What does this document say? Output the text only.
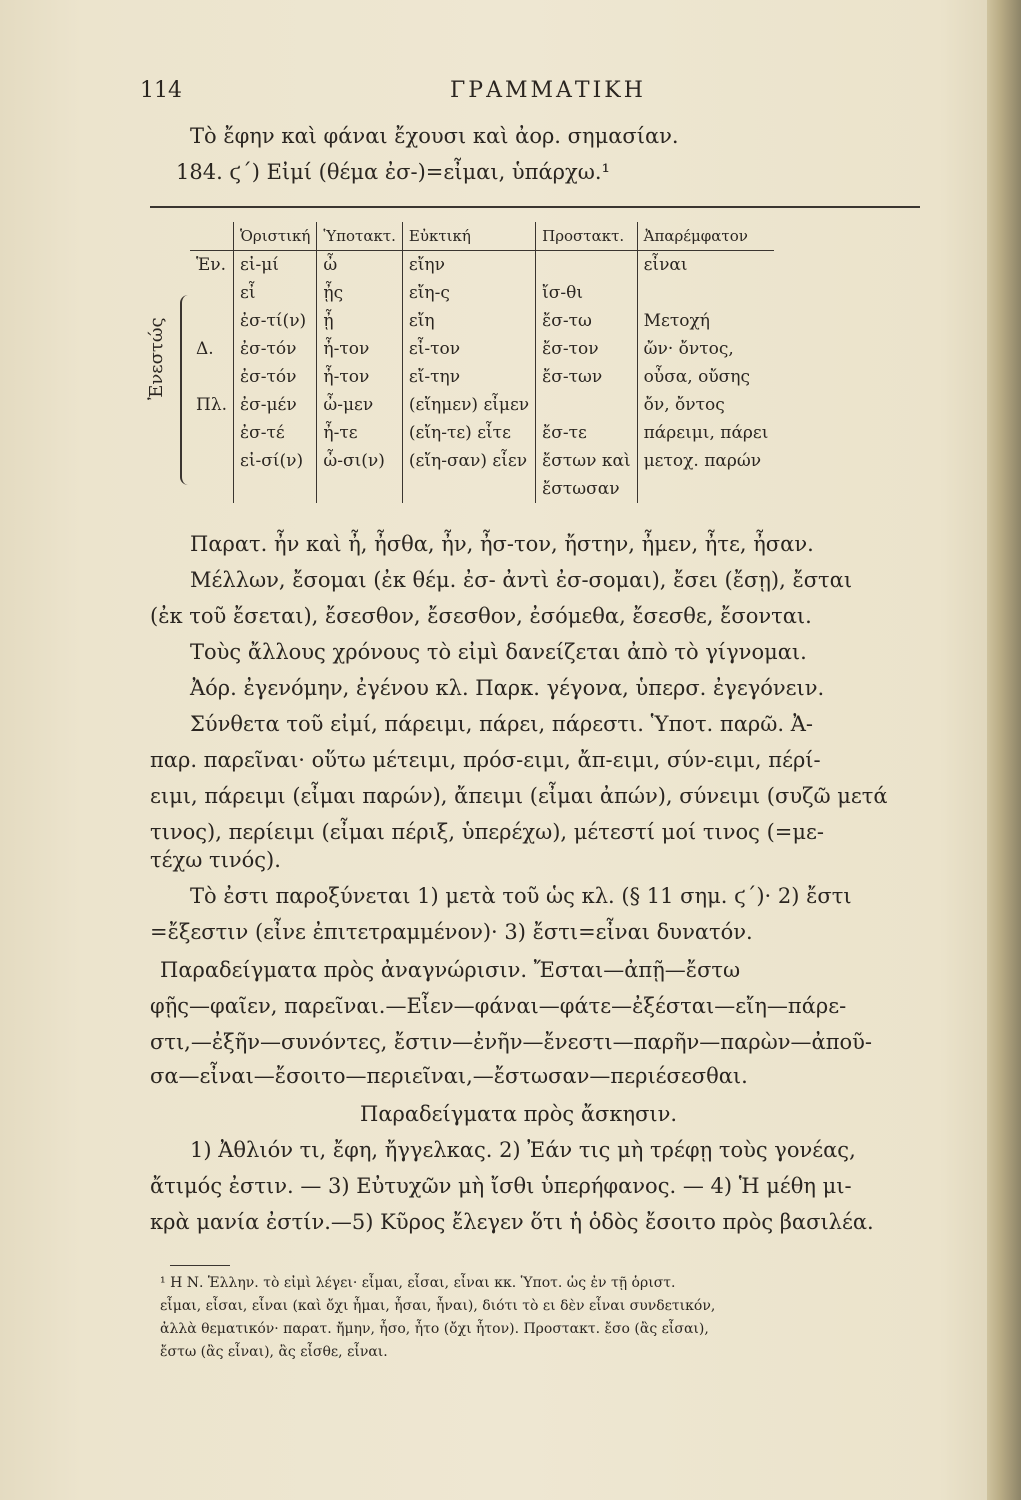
114	ΓΡΑΜΜΑΤΙΚΗ
Τὸ ἔφην καὶ φάναι ἔχουσι καὶ ἀορ. σημασίαν.
184. ϛ´) Εἰμί (θέμα ἐσ-)=εἶμαι, ὑπάρχω.¹
Ἐνεστώς
	Ὁριστική	Ὑποτακτ.	Εὐκτική	Προστακτ.	Ἀπαρέμφατον
Ἑν.	εἰ-μί	ὦ	εἴην		εἶναι
	εἶ	ᾖς	εἴη-ς	ἴσ-θι	
	ἐσ-τί(ν)	ᾖ	εἴη	ἔσ-τω	Μετοχή
Δ.	ἐσ-τόν	ἦ-τον	εἶ-τον	ἔσ-τον	ὤν· ὄντος,
	ἐσ-τόν	ἦ-τον	εἴ-την	ἔσ-των	οὖσα, οὔσης
Πλ.	ἐσ-μέν	ὦ-μεν	(εἴημεν) εἶμεν		ὄν, ὄντος
	ἐσ-τέ	ἦ-τε	(εἴη-τε) εἶτε	ἔσ-τε	πάρειμι, πάρει
	εἰ-σί(ν)	ὦ-σι(ν)	(εἴη-σαν) εἶεν	ἔστων καὶ	μετοχ. παρών
				ἔστωσαν	
Παρατ. ἦν καὶ ἦ, ἦσθα, ἦν, ἦσ-τον, ἤστην, ἦμεν, ἦτε, ἦσαν.
Μέλλων, ἔσομαι (ἐκ θέμ. ἐσ- ἀντὶ ἐσ-σομαι), ἔσει (ἔσῃ), ἔσται
(ἐκ τοῦ ἔσεται), ἔσεσθον, ἔσεσθον, ἐσόμεθα, ἔσεσθε, ἔσονται.
Τοὺς ἄλλους χρόνους τὸ εἰμὶ δανείζεται ἀπὸ τὸ γίγνομαι.
Ἀόρ. ἐγενόμην, ἐγένου κλ. Παρκ. γέγονα, ὑπερσ. ἐγεγόνειν.
Σύνθετα τοῦ εἰμί, πάρειμι, πάρει, πάρεστι. Ὑποτ. παρῶ. Ἀ-
παρ. παρεῖναι· οὕτω μέτειμι, πρόσ-ειμι, ἄπ-ειμι, σύν-ειμι, πέρί-
ειμι, πάρειμι (εἶμαι παρών), ἄπειμι (εἶμαι ἀπών), σύνειμι (συζῶ μετά
τινος), περίειμι (εἶμαι πέριξ, ὑπερέχω), μέτεστί μοί τινος (=με-
τέχω τινός).
Τὸ ἐστι παροξύνεται 1) μετὰ τοῦ ὡς κλ. (§ 11 σημ. ϛ´)· 2) ἔστι
=ἔξεστιν (εἶνε ἐπιτετραμμένον)· 3) ἔστι=εἶναι δυνατόν.
Παραδείγματα πρὸς ἀναγνώρισιν. Ἔσται—ἀπῇ—ἔστω
φῇς—φαῖεν, παρεῖναι.—Εἶεν—φάναι—φάτε—ἐξέσται—εἴη—πάρε-
στι,—ἐξῆν—συνόντες, ἔστιν—ἐνῆν—ἔνεστι—παρῆν—παρὼν—ἀποῦ-
σα—εἶναι—ἔσοιτο—περιεῖναι,—ἔστωσαν—περιέσεσθαι.
Παραδείγματα πρὸς ἄσκησιν.
1) Ἀθλιόν τι, ἔφη, ἤγγελκας. 2) Ἐάν τις μὴ τρέφῃ τοὺς γονέας,
ἄτιμός ἐστιν. — 3) Εὐτυχῶν μὴ ἴσθι ὑπερήφανος. — 4) Ἡ μέθη μι-
κρὰ μανία ἐστίν.—5) Κῦρος ἔλεγεν ὅτι ἡ ὁδὸς ἔσοιτο πρὸς βασιλέα.
¹ Η Ν. Ἑλλην. τὸ εἰμὶ λέγει· εἶμαι, εἶσαι, εἶναι κκ. Ὑποτ. ὡς ἐν τῇ ὁριστ.
εἶμαι, εἶσαι, εἶναι (καὶ ὄχι ἦμαι, ἦσαι, ἦναι), διότι τὸ ει δὲν εἶναι συνδετικόν,
ἀλλὰ θεματικόν· παρατ. ἤμην, ἦσο, ἦτο (ὄχι ἦτον). Προστακτ. ἔσο (ἂς εἶσαι),
ἔστω (ἂς εἶναι), ἂς εἶσθε, εἶναι.
